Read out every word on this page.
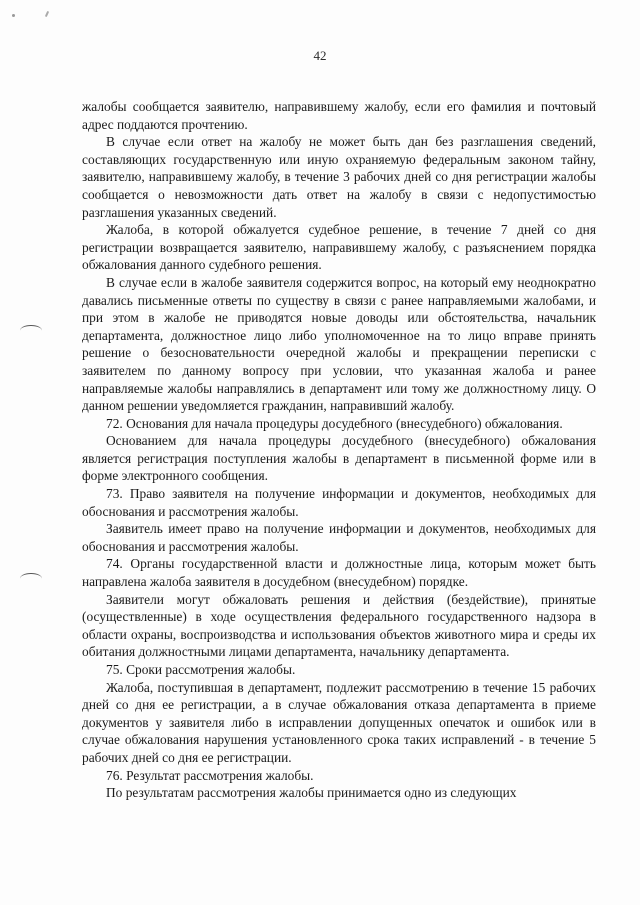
42

жалобы сообщается заявителю, направившему жалобу, если его фамилия и почтовый адрес поддаются прочтению.

В случае если ответ на жалобу не может быть дан без разглашения сведений, составляющих государственную или иную охраняемую федеральным законом тайну, заявителю, направившему жалобу, в течение 3 рабочих дней со дня регистрации жалобы сообщается о невозможности дать ответ на жалобу в связи с недопустимостью разглашения указанных сведений.

Жалоба, в которой обжалуется судебное решение, в течение 7 дней со дня регистрации возвращается заявителю, направившему жалобу, с разъяснением порядка обжалования данного судебного решения.

В случае если в жалобе заявителя содержится вопрос, на который ему неоднократно давались письменные ответы по существу в связи с ранее направляемыми жалобами, и при этом в жалобе не приводятся новые доводы или обстоятельства, начальник департамента, должностное лицо либо уполномоченное на то лицо вправе принять решение о безосновательности очередной жалобы и прекращении переписки с заявителем по данному вопросу при условии, что указанная жалоба и ранее направляемые жалобы направлялись в департамент или тому же должностному лицу. О данном решении уведомляется гражданин, направивший жалобу.

72. Основания для начала процедуры досудебного (внесудебного) обжалования.

Основанием для начала процедуры досудебного (внесудебного) обжалования является регистрация поступления жалобы в департамент в письменной форме или в форме электронного сообщения.

73. Право заявителя на получение информации и документов, необходимых для обоснования и рассмотрения жалобы.

Заявитель имеет право на получение информации и документов, необходимых для обоснования и рассмотрения жалобы.

74. Органы государственной власти и должностные лица, которым может быть направлена жалоба заявителя в досудебном (внесудебном) порядке.

Заявители могут обжаловать решения и действия (бездействие), принятые (осуществленные) в ходе осуществления федерального государственного надзора в области охраны, воспроизводства и использования объектов животного мира и среды их обитания должностными лицами департамента, начальнику департамента.

75. Сроки рассмотрения жалобы.

Жалоба, поступившая в департамент, подлежит рассмотрению в течение 15 рабочих дней со дня ее регистрации, а в случае обжалования отказа департамента в приеме документов у заявителя либо в исправлении допущенных опечаток и ошибок или в случае обжалования нарушения установленного срока таких исправлений - в течение 5 рабочих дней со дня ее регистрации.

76. Результат рассмотрения жалобы.

По результатам рассмотрения жалобы принимается одно из следующих
